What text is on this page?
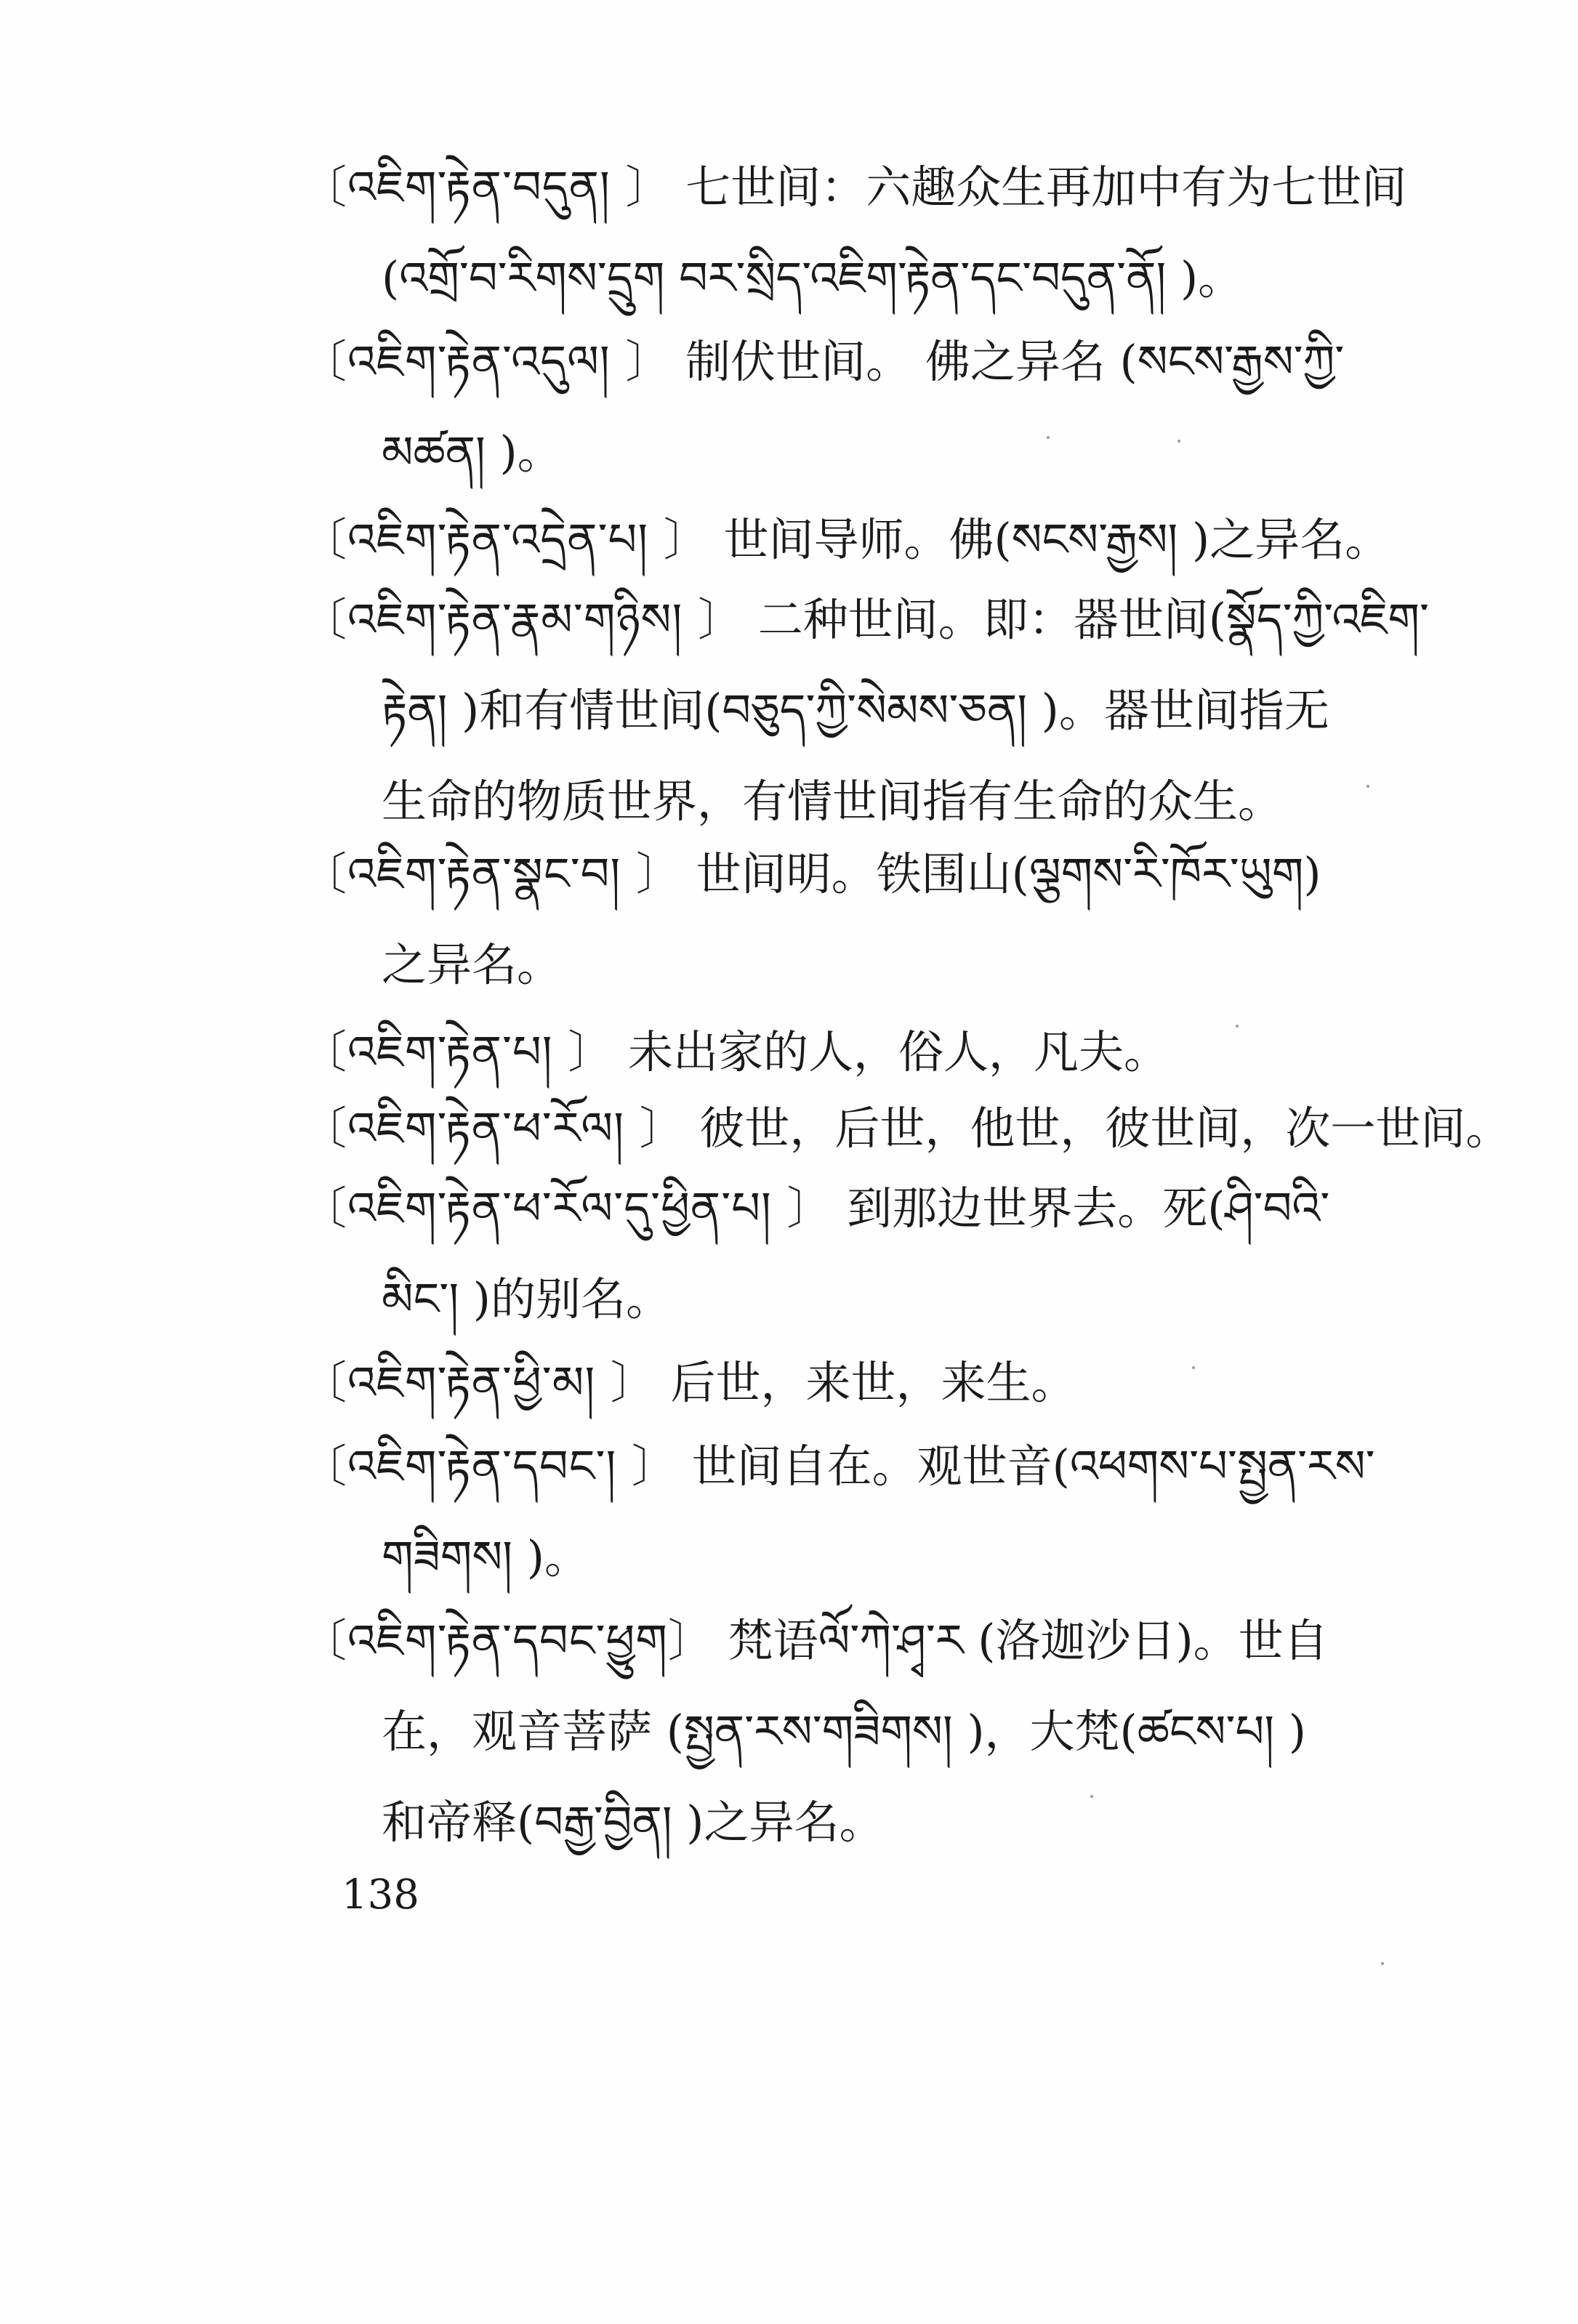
〔འཇིག་རྟེན་བདུན། 〕 七世间：六趣众生再加中有为七世间
(འགྲོ་བ་རིགས་དྲུག བར་སྲིད་འཇིག་རྟེན་དང་བདུན་ནོ། )。
〔འཇིག་རྟེན་འདུལ། 〕 制伏世间。 佛之异名 (སངས་རྒྱས་ཀྱི་
མཚན། )。
〔འཇིག་རྟེན་འདྲེན་པ། 〕 世间导师。佛(སངས་རྒྱས། )之异名。
〔འཇིག་རྟེན་རྣམ་གཉིས། 〕 二种世间。即：器世间(སྣོད་ཀྱི་འཇིག་
རྟེན། )和有情世间(བཅུད་ཀྱི་སེམས་ཅན། )。器世间指无
生命的物质世界，有情世间指有生命的众生。
〔འཇིག་རྟེན་སྣང་བ། 〕 世间明。铁围山(ལྕགས་རི་ཁོར་ཡུག)
之异名。
〔འཇིག་རྟེན་པ། 〕 未出家的人，俗人，凡夫。
〔འཇིག་རྟེན་ཕ་རོལ། 〕 彼世，后世，他世，彼世间，次一世间。
〔འཇིག་རྟེན་ཕ་རོལ་དུ་ཕྱིན་པ། 〕 到那边世界去。死(ཤི་བའི་
མིང་། )的别名。
〔འཇིག་རྟེན་ཕྱི་མ། 〕 后世，来世，来生。
〔འཇིག་རྟེན་དབང་། 〕 世间自在。观世音(འཕགས་པ་སྤྱན་རས་
གཟིགས། )。
〔འཇིག་རྟེན་དབང་ཕྱུག〕 梵语ལོ་ཀེ་ཤྭ་ར (洛迦沙日)。世自
在，观音菩萨 (སྤྱན་རས་གཟིགས། )，大梵(ཚངས་པ། )
和帝释(བརྒྱ་བྱིན། )之异名。
138
